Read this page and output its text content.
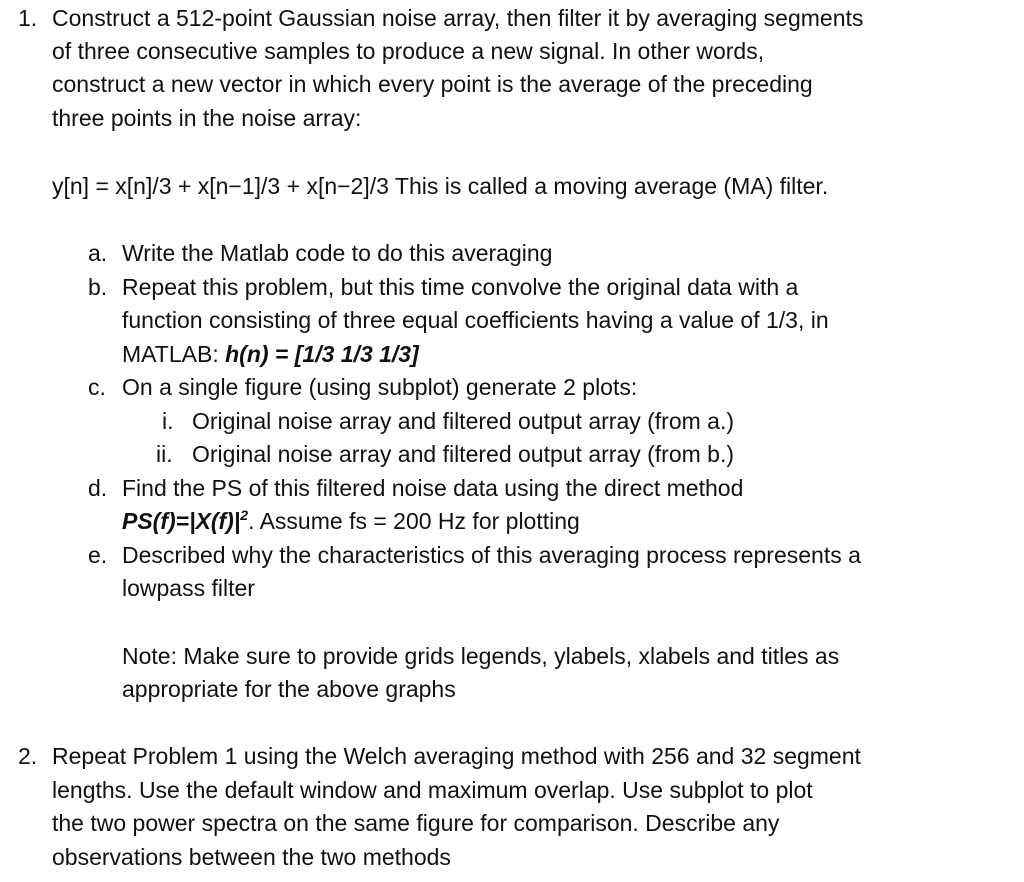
1. Construct a 512-point Gaussian noise array, then filter it by averaging segments
of three consecutive samples to produce a new signal. In other words,
construct a new vector in which every point is the average of the preceding
three points in the noise array:
y[n] = x[n]/3 + x[n−1]/3 + x[n−2]/3 This is called a moving average (MA) filter.
a. Write the Matlab code to do this averaging
b. Repeat this problem, but this time convolve the original data with a
function consisting of three equal coefficients having a value of 1/3, in
MATLAB: h(n) = [1/3 1/3 1/3]
c. On a single figure (using subplot) generate 2 plots:
i. Original noise array and filtered output array (from a.)
ii. Original noise array and filtered output array (from b.)
d. Find the PS of this filtered noise data using the direct method
$PS(f)=|X(f)|^2$. Assume fs = 200 Hz for plotting
e. Described why the characteristics of this averaging process represents a
lowpass filter
Note: Make sure to provide grids legends, ylabels, xlabels and titles as
appropriate for the above graphs
2. Repeat Problem 1 using the Welch averaging method with 256 and 32 segment
lengths. Use the default window and maximum overlap. Use subplot to plot
the two power spectra on the same figure for comparison. Describe any
observations between the two methods
